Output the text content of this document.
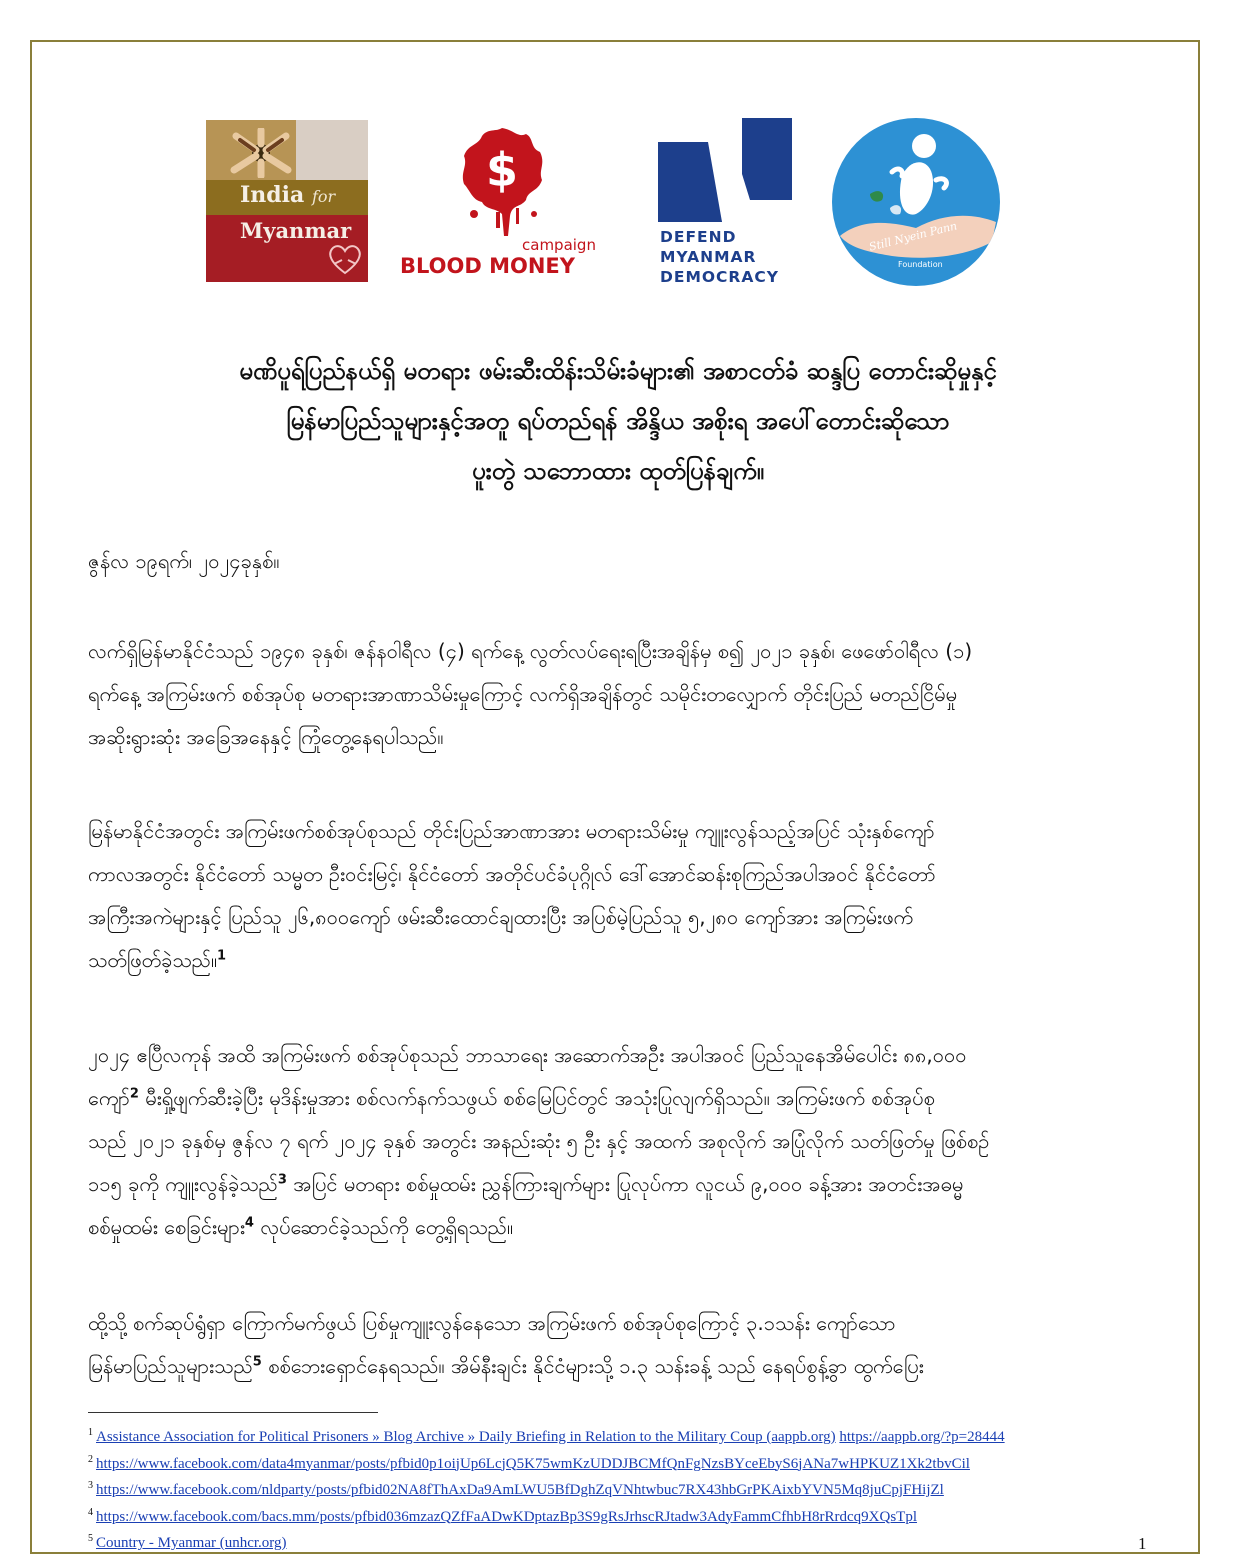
India for
Myanmar
$
campaign
BLOOD MONEY
DEFEND
MYANMAR
DEMOCRACY
Still Nyein Pann
Foundation
မဏိပူရ်ပြည်နယ်ရှိ မတရား ဖမ်းဆီးထိန်းသိမ်းခံများ၏ အစာငတ်ခံ ဆန္ဒပြ တောင်းဆိုမှုနှင့်
မြန်မာပြည်သူများနှင့်အတူ ရပ်တည်ရန် အိန္ဒိယ အစိုးရ အပေါ်တောင်းဆိုသော
ပူးတွဲ သဘောထား ထုတ်ပြန်ချက်။
ဇွန်လ ၁၉ရက်၊ ၂၀၂၄ခုနှစ်။
လက်ရှိမြန်မာနိုင်ငံသည် ၁၉၄၈ ခုနှစ်၊ ဇန်နဝါရီလ (၄) ရက်နေ့ လွတ်လပ်ရေးရပြီးအချိန်မှ စ၍ ၂၀၂၁ ခုနှစ်၊ ဖေဖော်ဝါရီလ (၁)
ရက်နေ့ အကြမ်းဖက် စစ်အုပ်စု မတရားအာဏာသိမ်းမှုကြောင့် လက်ရှိအချိန်တွင် သမိုင်းတလျှောက် တိုင်းပြည် မတည်ငြိမ်မှု
အဆိုးရွားဆုံး အခြေအနေနှင့် ကြုံတွေ့နေရပါသည်။
မြန်မာနိုင်ငံအတွင်း အကြမ်းဖက်စစ်အုပ်စုသည် တိုင်းပြည်အာဏာအား မတရားသိမ်းမှု ကျူးလွန်သည့်အပြင် သုံးနှစ်ကျော်
ကာလအတွင်း နိုင်ငံတော် သမ္မတ ဦးဝင်းမြင့်၊ နိုင်ငံတော် အတိုင်ပင်ခံပုဂ္ဂိုလ် ဒေါ်အောင်ဆန်းစုကြည်အပါအဝင် နိုင်ငံတော်
အကြီးအကဲများနှင့် ပြည်သူ ၂၆,၈၀၀ကျော် ဖမ်းဆီးထောင်ချထားပြီး အပြစ်မဲ့ပြည်သူ ၅,၂၈၀ ကျော်အား အကြမ်းဖက်
သတ်ဖြတ်ခဲ့သည်။$^1$
၂၀၂၄ ဧပြီလကုန် အထိ အကြမ်းဖက် စစ်အုပ်စုသည် ဘာသာရေး အဆောက်အဦး အပါအဝင် ပြည်သူနေအိမ်ပေါင်း ၈၈,၀၀၀
ကျော်$^2$ မီးရှို့ဖျက်ဆီးခဲ့ပြီး မုဒိန်းမှုအား စစ်လက်နက်သဖွယ် စစ်မြေပြင်တွင် အသုံးပြုလျက်ရှိသည်။ အကြမ်းဖက် စစ်အုပ်စု
သည် ၂၀၂၁ ခုနှစ်မှ ဇွန်လ ၇ ရက် ၂၀၂၄ ခုနှစ် အတွင်း အနည်းဆုံး ၅ ဦး နှင့် အထက် အစုလိုက် အပြုံလိုက် သတ်ဖြတ်မှု ဖြစ်စဉ်
၁၁၅ ခုကို ကျူးလွန်ခဲ့သည်$^3$ အပြင် မတရား စစ်မှုထမ်း ညွှန်ကြားချက်များ ပြုလုပ်ကာ လူငယ် ၉,၀၀၀ ခန့်အား အတင်းအဓမ္မ
စစ်မှုထမ်း စေခြင်းများ$^4$ လုပ်ဆောင်ခဲ့သည်ကို တွေ့ရှိရသည်။
ထို့သို့ စက်ဆုပ်ရွံရှာ ကြောက်မက်ဖွယ် ပြစ်မှုကျူးလွန်နေသော အကြမ်းဖက် စစ်အုပ်စုကြောင့် ၃.၁သန်း ကျော်သော
မြန်မာပြည်သူများသည်$^5$ စစ်ဘေးရှောင်နေရသည်။ အိမ်နီးချင်း နိုင်ငံများသို့ ၁.၃ သန်းခန့် သည် နေရပ်စွန့်ခွာ ထွက်ပြေး
$^1$ Assistance Association for Political Prisoners » Blog Archive » Daily Briefing in Relation to the Military Coup (aappb.org) https://aappb.org/?p=28444
$^2$ https://www.facebook.com/data4myanmar/posts/pfbid0p1oijUp6LcjQ5K75wmKzUDDJBCMfQnFgNzsBYceEbyS6jANa7wHPKUZ1Xk2tbvCil
$^3$ https://www.facebook.com/nldparty/posts/pfbid02NA8fThAxDa9AmLWU5BfDghZqVNhtwbuc7RX43hbGrPKAixbYVN5Mq8juCpjFHijZl
$^4$ https://www.facebook.com/bacs.mm/posts/pfbid036mzazQZfFaADwKDptazBp3S9gRsJrhscRJtadw3AdyFammCfhbH8rRrdcq9XQsTpl
$^5$ Country - Myanmar (unhcr.org)	1
